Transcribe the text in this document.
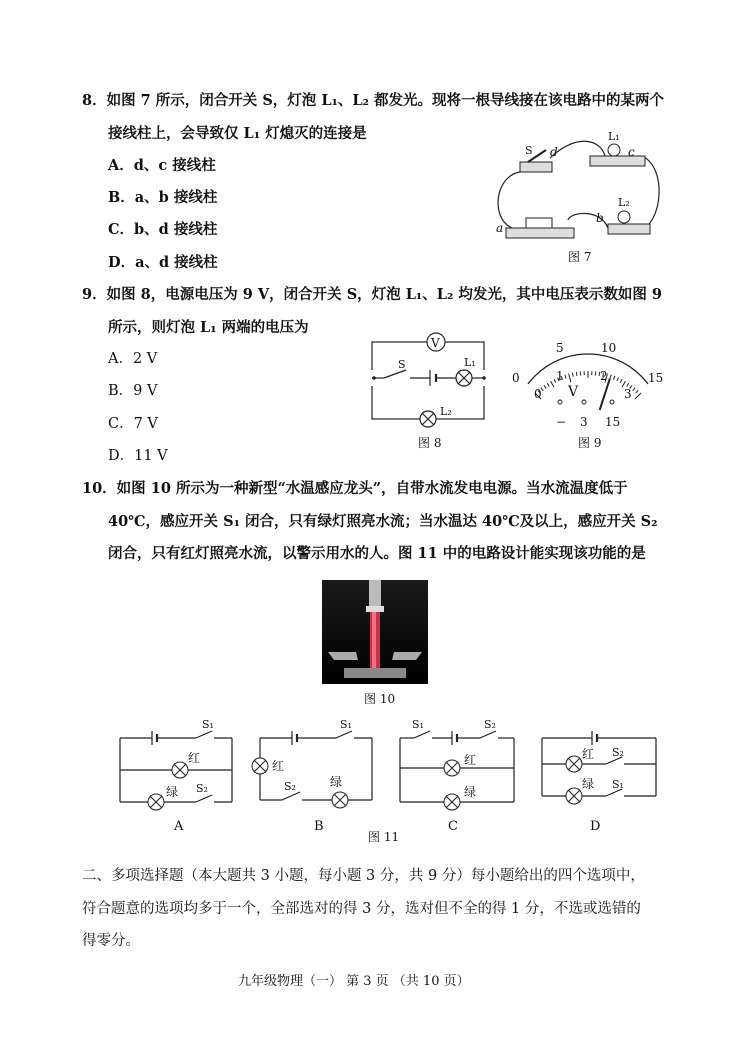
8．如图 7 所示，闭合开关 S，灯泡 L₁、L₂ 都发光。现将一根导线接在该电路中的某两个
接线柱上，会导致仅 L₁ 灯熄灭的连接是
A．d、c 接线柱
B．a、b 接线柱
C．b、d 接线柱
D．a、d 接线柱
S d
L₁
c
L₂
b
a
图 7
9．如图 8，电源电压为 9 V，闭合开关 S，灯泡 L₁、L₂ 均发光，其中电压表示数如图 9
所示，则灯泡 L₁ 两端的电压为
A．2 V
B．9 V
C．7 V
D．11 V
V
S	L₁
L₂
图 8
0
5	10
15
1	2
0	3
V
− 3 15
图 9
10．如图 10 所示为一种新型“水温感应龙头”，自带水流发电电源。当水流温度低于
40℃，感应开关 S₁ 闭合，只有绿灯照亮水流；当水温达 40℃及以上，感应开关 S₂
闭合，只有红灯照亮水流，以警示用水的人。图 11 中的电路设计能实现该功能的是
图 10
S₁
红
绿 S₂
A
红
S₁
S₂	绿
B
S₁	S₂
红
绿
C
红 S₂
绿 S₁
D
图 11
二、多项选择题（本大题共 3 小题，每小题 3 分，共 9 分）每小题给出的四个选项中，
符合题意的选项均多于一个，全部选对的得 3 分，选对但不全的得 1 分，不选或选错的
得零分。
九年级物理（一） 第 3 页 （共 10 页）
